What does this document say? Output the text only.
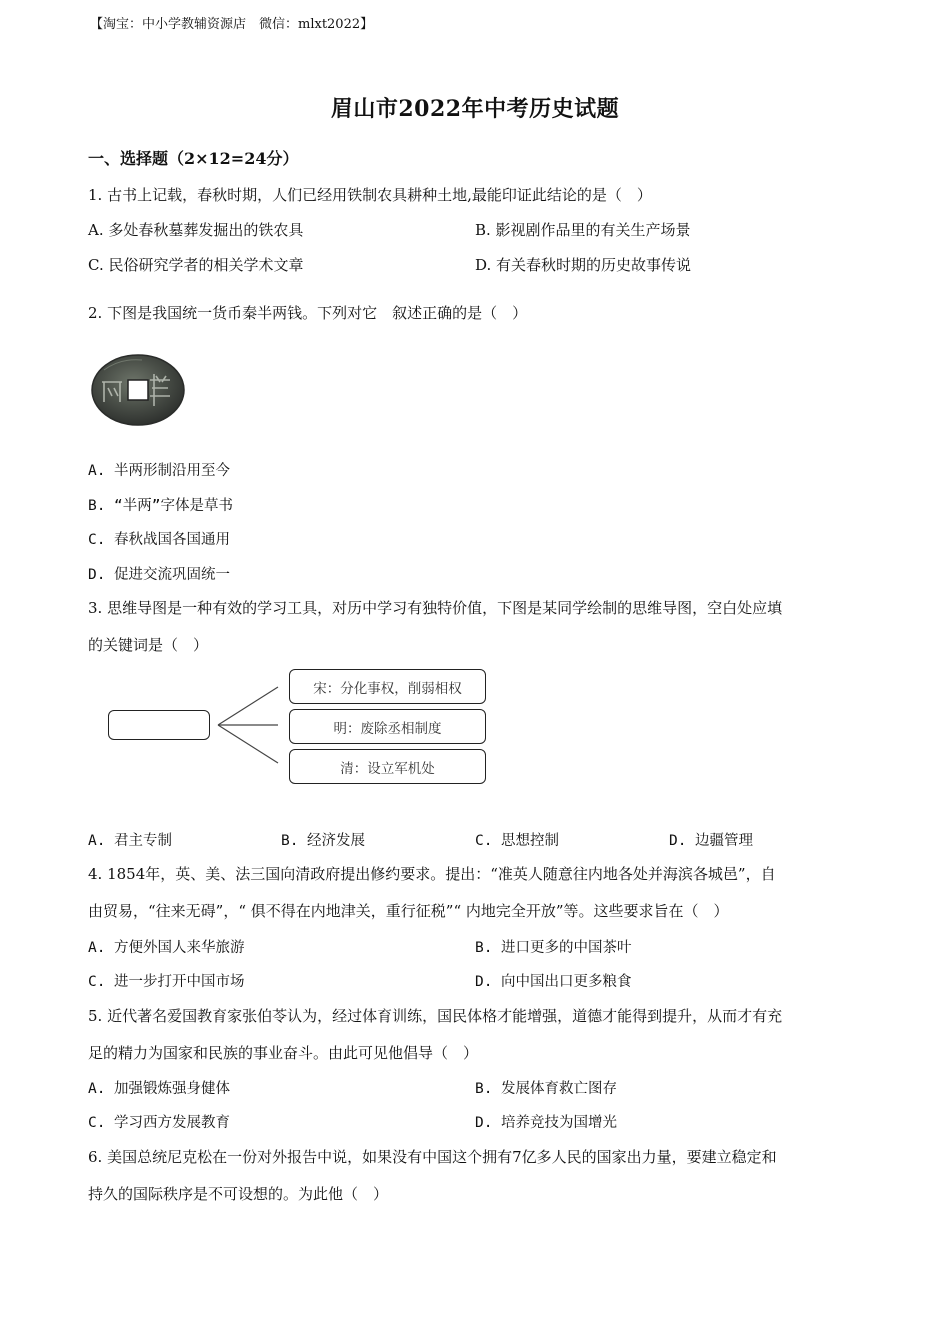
【淘宝：中小学教辅资源店　微信：mlxt2022】
眉山市2022年中考历史试题
一、选择题（2×12=24分）
1. 古书上记载，春秋时期，人们已经用铁制农具耕种土地,最能印证此结论的是（　）
A. 多处春秋墓葬发掘出的铁农具	B. 影视剧作品里的有关生产场景
C. 民俗研究学者的相关学术文章	D. 有关春秋时期的历史故事传说
2. 下图是我国统一货币秦半两钱。下列对它　叙述正确的是（　）
A. 半两形制沿用至今
B. “半两”字体是草书
C. 春秋战国各国通用
D. 促进交流巩固统一
3. 思维导图是一种有效的学习工具，对历中学习有独特价值，下图是某同学绘制的思维导图，空白处应填
的关键词是（　）
宋：分化事权，削弱相权
明：废除丞相制度
清：设立军机处
A. 君主专制	B. 经济发展	C. 思想控制	D. 边疆管理
4. 1854年，英、美、法三国向清政府提出修约要求。提出：“准英人随意往内地各处并海滨各城邑”，自
由贸易，“往来无碍”，“ 俱不得在内地津关，重行征税”“ 内地完全开放”等。这些要求旨在（　）
A. 方便外国人来华旅游	B. 进口更多的中国茶叶
C. 进一步打开中国市场	D. 向中国出口更多粮食
5. 近代著名爱国教育家张伯苓认为，经过体育训练，国民体格才能增强，道德才能得到提升，从而才有充
足的精力为国家和民族的事业奋斗。由此可见他倡导（　）
A. 加强锻炼强身健体	B. 发展体育救亡图存
C. 学习西方发展教育	D. 培养竞技为国增光
6. 美国总统尼克松在一份对外报告中说，如果没有中国这个拥有7亿多人民的国家出力量，要建立稳定和
持久的国际秩序是不可设想的。为此他（　）
